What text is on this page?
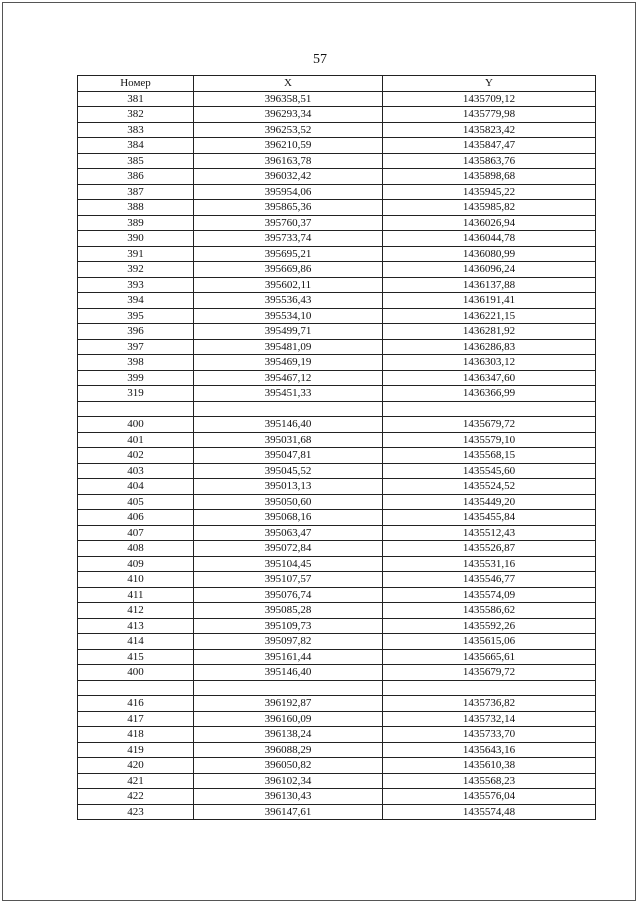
57
Номер	X	Y
381	396358,51	1435709,12
382	396293,34	1435779,98
383	396253,52	1435823,42
384	396210,59	1435847,47
385	396163,78	1435863,76
386	396032,42	1435898,68
387	395954,06	1435945,22
388	395865,36	1435985,82
389	395760,37	1436026,94
390	395733,74	1436044,78
391	395695,21	1436080,99
392	395669,86	1436096,24
393	395602,11	1436137,88
394	395536,43	1436191,41
395	395534,10	1436221,15
396	395499,71	1436281,92
397	395481,09	1436286,83
398	395469,19	1436303,12
399	395467,12	1436347,60
319	395451,33	1436366,99

400	395146,40	1435679,72
401	395031,68	1435579,10
402	395047,81	1435568,15
403	395045,52	1435545,60
404	395013,13	1435524,52
405	395050,60	1435449,20
406	395068,16	1435455,84
407	395063,47	1435512,43
408	395072,84	1435526,87
409	395104,45	1435531,16
410	395107,57	1435546,77
411	395076,74	1435574,09
412	395085,28	1435586,62
413	395109,73	1435592,26
414	395097,82	1435615,06
415	395161,44	1435665,61
400	395146,40	1435679,72

416	396192,87	1435736,82
417	396160,09	1435732,14
418	396138,24	1435733,70
419	396088,29	1435643,16
420	396050,82	1435610,38
421	396102,34	1435568,23
422	396130,43	1435576,04
423	396147,61	1435574,48
